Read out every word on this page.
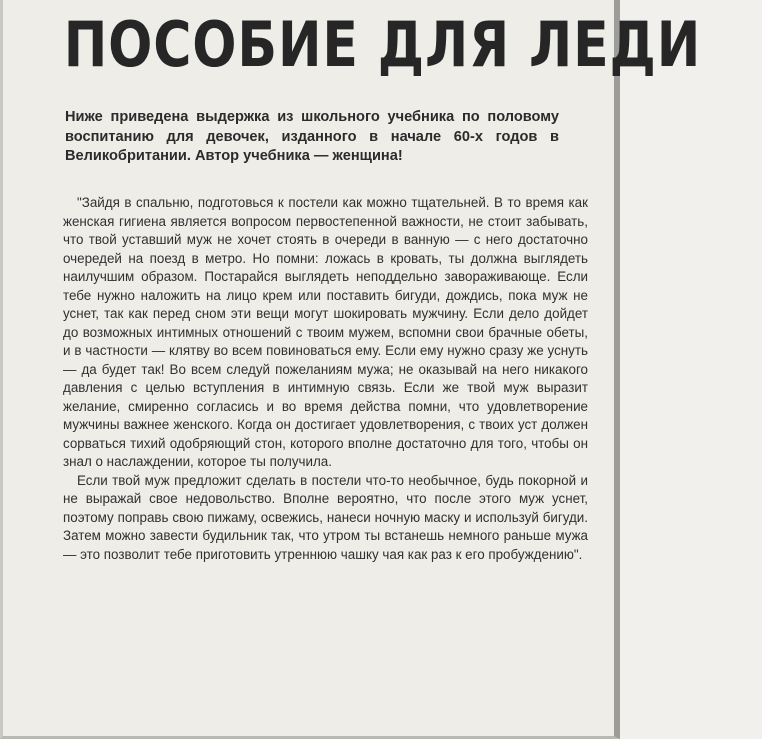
ПОСОБИЕ ДЛЯ ЛЕДИ
Ниже приведена выдержка из школьного учебника по половому воспитанию для девочек, изданного в начале 60-х годов в Великобритании. Автор учебника — женщина!

"Зайдя в спальню, подготовься к постели как можно тщательней. В то время как женская гигиена является вопросом первостепенной важности, не стоит забывать, что твой уставший муж не хочет стоять в очереди в ванную — с него достаточно очередей на поезд в метро. Но помни: ложась в кровать, ты должна выглядеть наилучшим образом. Постарайся выглядеть неподдельно завораживающе. Если тебе нужно наложить на лицо крем или поставить бигуди, дождись, пока муж не уснет, так как перед сном эти вещи могут шокировать мужчину. Если дело дойдет до возможных интимных отношений с твоим мужем, вспомни свои брачные обеты, и в частности — клятву во всем повиноваться ему. Если ему нужно сразу же уснуть — да будет так! Во всем следуй пожеланиям мужа; не оказывай на него никакого давления с целью вступления в интимную связь. Если же твой муж выразит желание, смиренно согласись и во время действа помни, что удовлетворение мужчины важнее женского. Когда он достигает удовлетворения, с твоих уст должен сорваться тихий одобряющий стон, которого вполне достаточно для того, чтобы он знал о наслаждении, которое ты получила.

Если твой муж предложит сделать в постели что-то необычное, будь покорной и не выражай свое недовольство. Вполне вероятно, что после этого муж уснет, поэтому поправь свою пижаму, освежись, нанеси ночную маску и используй бигуди. Затем можно завести будильник так, что утром ты встанешь немного раньше мужа — это позволит тебе приготовить утреннюю чашку чая как раз к его пробуждению".
